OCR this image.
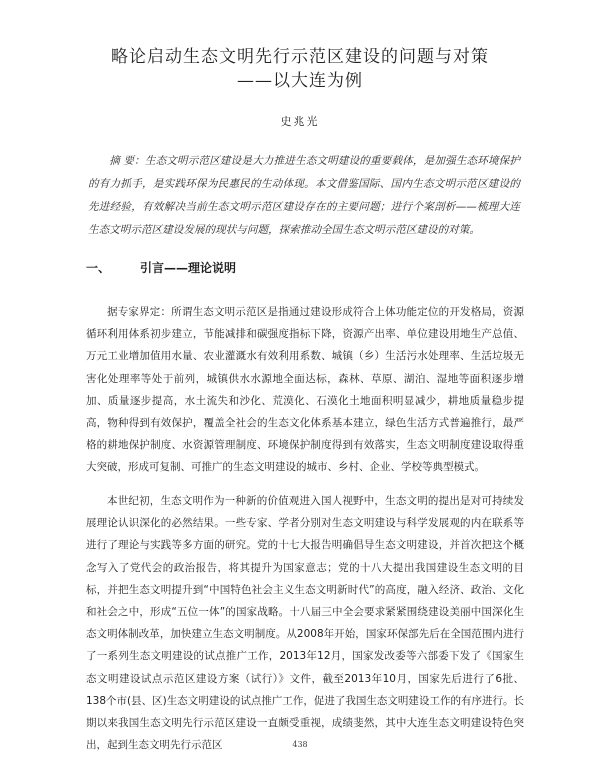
略论启动生态文明先行示范区建设的问题与对策
——以大连为例
史兆光
摘 要：生态文明示范区建设是大力推进生态文明建设的重要载体，是加强生态环境保护的有力抓手，是实践环保为民惠民的生动体现。本文借鉴国际、国内生态文明示范区建设的先进经验，有效解决当前生态文明示范区建设存在的主要问题；进行个案剖析——梳理大连生态文明示范区建设发展的现状与问题，探索推动全国生态文明示范区建设的对策。
一、 引言——理论说明
据专家界定：所谓生态文明示范区是指通过建设形成符合上体功能定位的开发格局，资源循环利用体系初步建立，节能减排和碳强度指标下降，资源产出率、单位建设用地生产总值、万元工业增加值用水量、农业灌溉水有效利用系数、城镇（乡）生活污水处理率、生活垃圾无害化处理率等处于前列，城镇供水水源地全面达标，森林、草原、湖泊、湿地等面积逐步增加、质量逐步提高，水土流失和沙化、荒漠化、石漠化土地面积明显减少，耕地质量稳步提高，物种得到有效保护，覆盖全社会的生态文化体系基本建立，绿色生活方式普遍推行，最严格的耕地保护制度、水资源管理制度、环境保护制度得到有效落实，生态文明制度建设取得重大突破，形成可复制、可推广的生态文明建设的城市、乡村、企业、学校等典型模式。
本世纪初，生态文明作为一种新的价值观进入国人视野中，生态文明的提出是对可持续发展理论认识深化的必然结果。一些专家、学者分别对生态文明建设与科学发展观的内在联系等进行了理论与实践等多方面的研究。党的十七大报告明确倡导生态文明建设，并首次把这个概念写入了党代会的政治报告，将其提升为国家意志；党的十八大提出我国建设生态文明的目标，并把生态文明提升到“中国特色社会主义生态文明新时代”的高度，融入经济、政治、文化和社会之中，形成“五位一体”的国家战略。十八届三中全会要求紧紧围绕建设美丽中国深化生态文明体制改革，加快建立生态文明制度。从2008年开始，国家环保部先后在全国范围内进行了一系列生态文明建设的试点推广工作，2013年12月，国家发改委等六部委下发了《国家生态文明建设试点示范区建设方案（试行）》文件，截至2013年10月，国家先后进行了6批、138个市(县、区)生态文明建设的试点推广工作，促进了我国生态文明建设工作的有序进行。长期以来我国生态文明先行示范区建设一直颇受重视，成绩斐然，其中大连生态文明建设特色突出，起到生态文明先行示范区	438
